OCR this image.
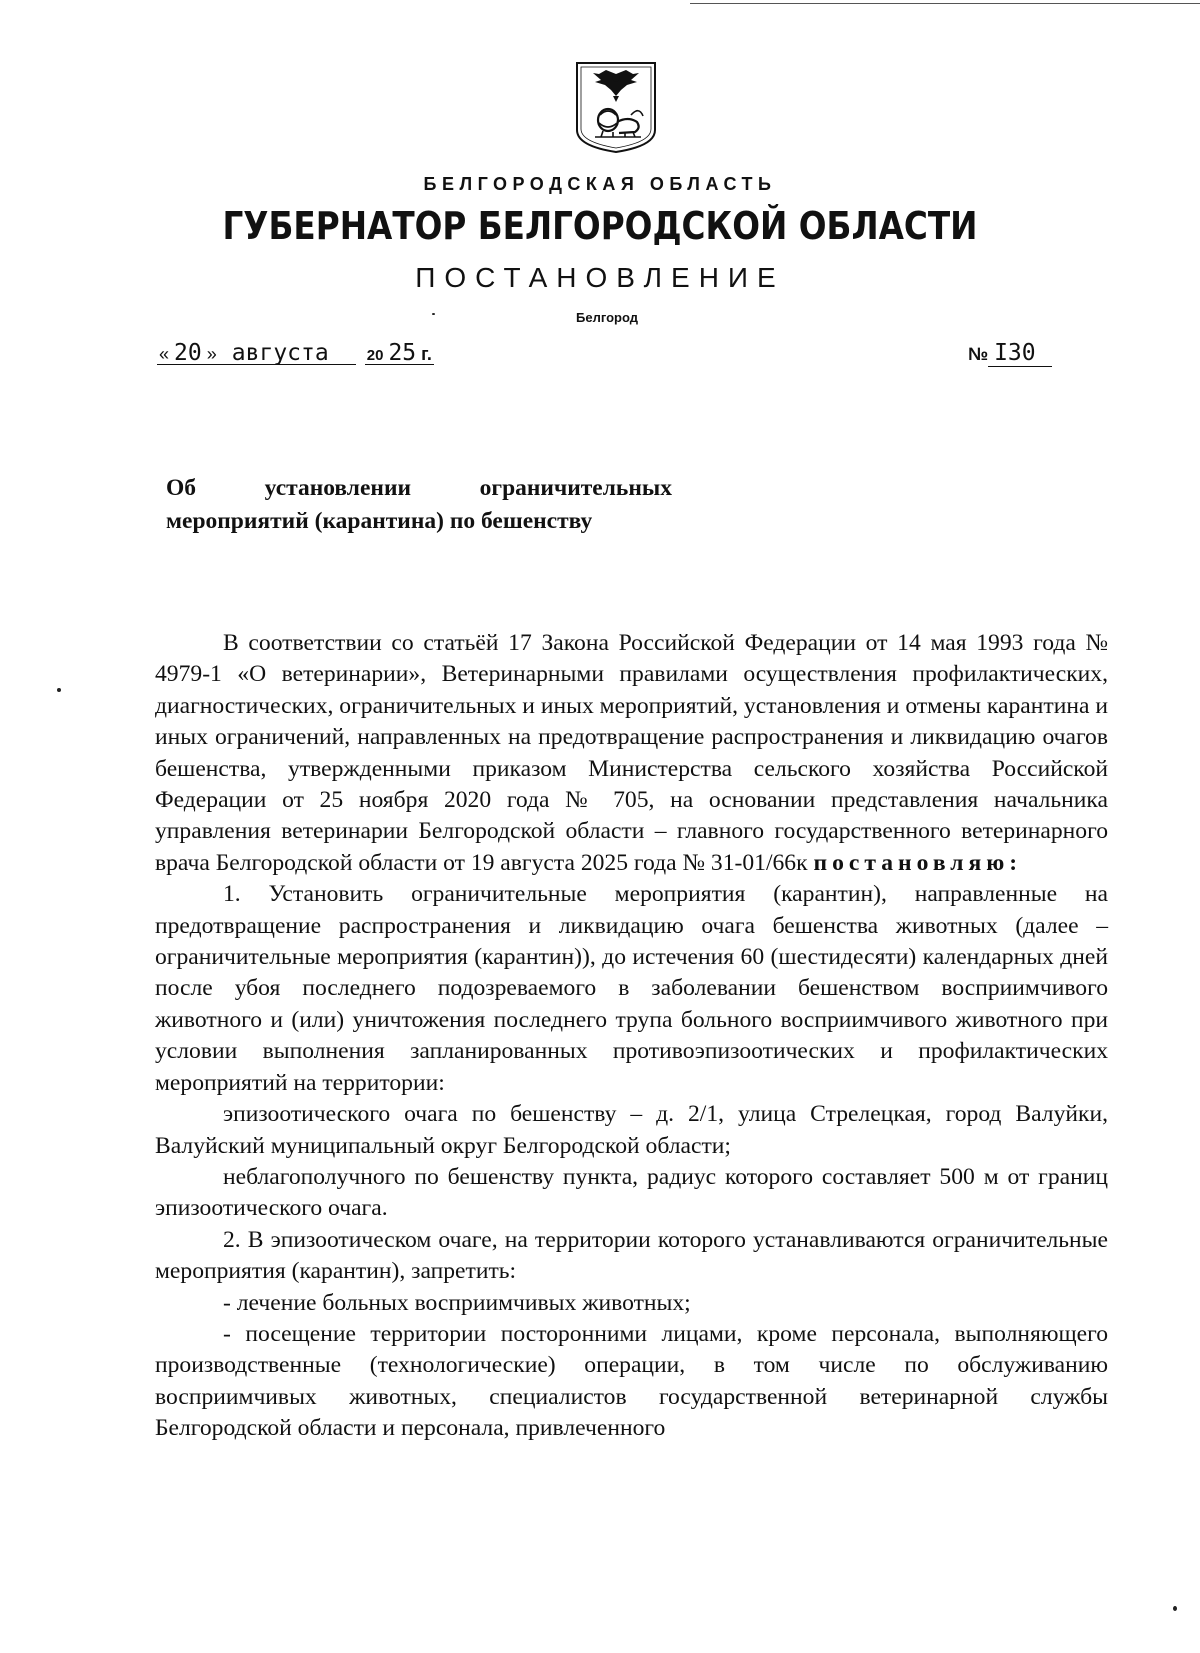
БЕЛГОРОДСКАЯ ОБЛАСТЬ
ГУБЕРНАТОР БЕЛГОРОДСКОЙ ОБЛАСТИ
ПОСТАНОВЛЕНИЕ
Белгород
« 20 » августа	20 25 г.	№ I30
Об установлении ограничительных
мероприятий (карантина) по бешенству

В соответствии со статьёй 17 Закона Российской Федерации от 14 мая 1993 года № 4979-1 «О ветеринарии», Ветеринарными правилами осуществления профилактических, диагностических, ограничительных и иных мероприятий, установления и отмены карантина и иных ограничений, направленных на предотвращение распространения и ликвидацию очагов бешенства, утвержденными приказом Министерства сельского хозяйства Российской Федерации от 25 ноября 2020 года № 705, на основании представления начальника управления ветеринарии Белгородской области – главного государственного ветеринарного врача Белгородской области от 19 августа 2025 года № 31-01/66к постановляю:

1. Установить ограничительные мероприятия (карантин), направленные на предотвращение распространения и ликвидацию очага бешенства животных (далее – ограничительные мероприятия (карантин)), до истечения 60 (шестидесяти) календарных дней после убоя последнего подозреваемого в заболевании бешенством восприимчивого животного и (или) уничтожения последнего трупа больного восприимчивого животного при условии выполнения запланированных противоэпизоотических и профилактических мероприятий на территории:

эпизоотического очага по бешенству – д. 2/1, улица Стрелецкая, город Валуйки, Валуйский муниципальный округ Белгородской области;

неблагополучного по бешенству пункта, радиус которого составляет 500 м от границ эпизоотического очага.

2. В эпизоотическом очаге, на территории которого устанавливаются ограничительные мероприятия (карантин), запретить:

- лечение больных восприимчивых животных;

- посещение территории посторонними лицами, кроме персонала, выполняющего производственные (технологические) операции, в том числе по обслуживанию восприимчивых животных, специалистов государственной ветеринарной службы Белгородской области и персонала, привлеченного
